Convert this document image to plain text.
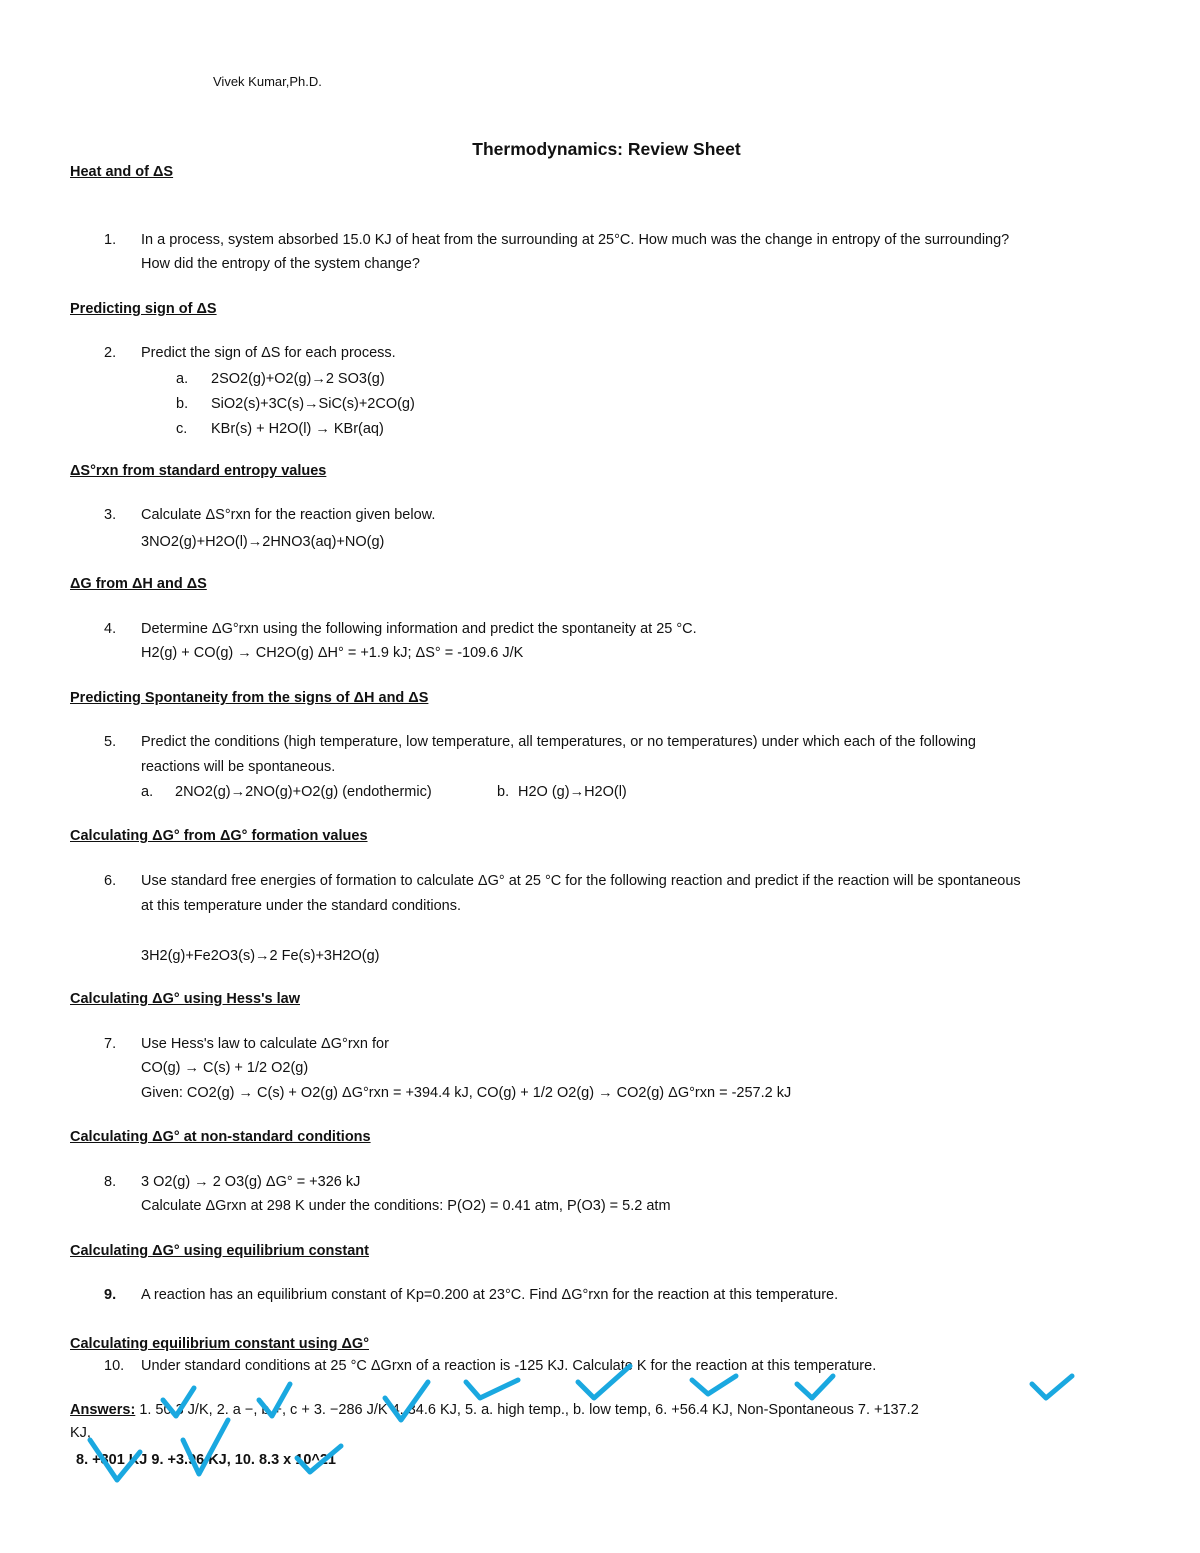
Vivek Kumar,Ph.D.
Thermodynamics: Review Sheet
Heat and of ΔS
1.	In a process, system absorbed 15.0 KJ of heat from the surrounding at 25°C. How much was the change in entropy of the surrounding?
How did the entropy of the system change?
Predicting sign of ΔS
2.	Predict the sign of ΔS for each process.
a. 2SO2(g)+O2(g)→2 SO3(g)
b. SiO2(s)+3C(s)→SiC(s)+2CO(g)
c. KBr(s) + H2O(l) → KBr(aq)
ΔS°rxn from standard entropy values
3.	Calculate ΔS°rxn for the reaction given below.
3NO2(g)+H2O(l)→2HNO3(aq)+NO(g)
ΔG from ΔH and ΔS
4.	Determine ΔG°rxn using the following information and predict the spontaneity at 25 °C.
H2(g) + CO(g) → CH2O(g) ΔH° = +1.9 kJ; ΔS° = -109.6 J/K
Predicting Spontaneity from the signs of ΔH and ΔS
5.	Predict the conditions (high temperature, low temperature, all temperatures, or no temperatures) under which each of the following
reactions will be spontaneous.
a. 2NO2(g)→2NO(g)+O2(g) (endothermic)	b. H2O (g)→H2O(l)
Calculating ΔG° from ΔG° formation values
6.	Use standard free energies of formation to calculate ΔG° at 25 °C for the following reaction and predict if the reaction will be spontaneous
at this temperature under the standard conditions.
3H2(g)+Fe2O3(s)→2 Fe(s)+3H2O(g)
Calculating ΔG° using Hess's law
7.	Use Hess's law to calculate ΔG°rxn for
CO(g) → C(s) + 1/2 O2(g)
Given: CO2(g) → C(s) + O2(g) ΔG°rxn = +394.4 kJ, CO(g) + 1/2 O2(g) → CO2(g) ΔG°rxn = -257.2 kJ
Calculating ΔG° at non-standard conditions
8.	3 O2(g) → 2 O3(g) ΔG° = +326 kJ
Calculate ΔGrxn at 298 K under the conditions: P(O2) = 0.41 atm, P(O3) = 5.2 atm
Calculating ΔG° using equilibrium constant
9.	A reaction has an equilibrium constant of Kp=0.200 at 23°C. Find ΔG°rxn for the reaction at this temperature.
Calculating equilibrium constant using ΔG°
10. Under standard conditions at 25 °C ΔGrxn of a reaction is -125 KJ. Calculate K for the reaction at this temperature.
Answers: 1. 50.3 J/K, 2. a −, b +, c + 3. −286 J/K 4. 34.6 KJ, 5. a. high temp., b. low temp, 6. +56.4 KJ, Non-Spontaneous 7. +137.2
KJ,
8. +301 KJ 9. +3.96 KJ, 10. 8.3 x 10^21
